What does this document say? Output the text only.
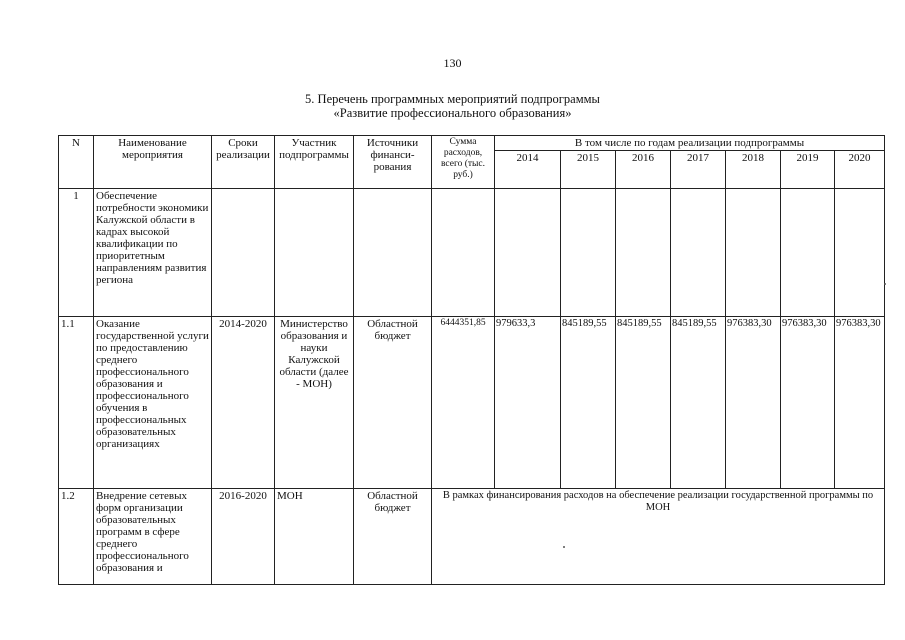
130
5. Перечень программных мероприятий подпрограммы
«Развитие профессионального образования»
N	Наименование мероприятия	Сроки реализации	Участник подпрограммы	Источники финанси-рования	Сумма расходов, всего (тыс. руб.)	В том числе по годам реализации подпрограммы						
						2014	2015	2016	2017	2018	2019	2020
1	Обеспечение потребности экономики Калужской области в кадрах высокой квалификации по приоритетным направлениям развития региона											
1.1	Оказание государственной услуги по предоставлению среднего профессионального образования и профессионального обучения в профессиональных образовательных организациях	2014-2020	Министерство образования и науки Калужской области (далее - МОН)	Областной бюджет	6444351,85	979633,3	845189,55	845189,55	845189,55	976383,30	976383,30	976383,30
1.2	Внедрение сетевых форм организации образовательных программ в сфере среднего профессионального образования и	2016-2020	МОН	Областной бюджет	В рамках финансирования расходов на обеспечение реализации государственной программы по МОН							
